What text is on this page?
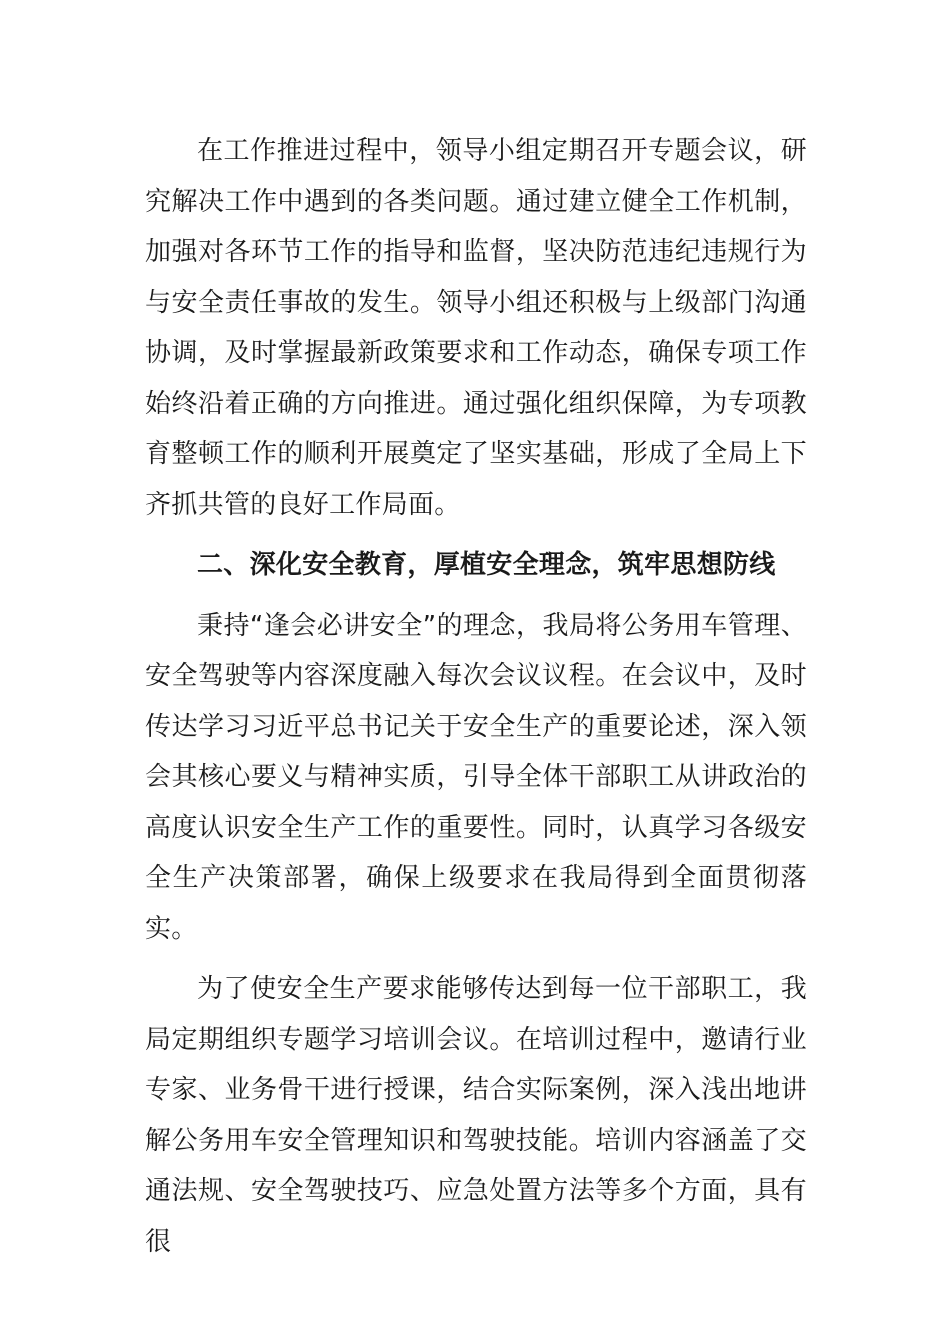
在工作推进过程中，领导小组定期召开专题会议，研究解决工作中遇到的各类问题。通过建立健全工作机制，加强对各环节工作的指导和监督，坚决防范违纪违规行为与安全责任事故的发生。领导小组还积极与上级部门沟通协调，及时掌握最新政策要求和工作动态，确保专项工作始终沿着正确的方向推进。通过强化组织保障，为专项教育整顿工作的顺利开展奠定了坚实基础，形成了全局上下齐抓共管的良好工作局面。

二、深化安全教育，厚植安全理念，筑牢思想防线

秉持“逢会必讲安全”的理念，我局将公务用车管理、安全驾驶等内容深度融入每次会议议程。在会议中，及时传达学习习近平总书记关于安全生产的重要论述，深入领会其核心要义与精神实质，引导全体干部职工从讲政治的高度认识安全生产工作的重要性。同时，认真学习各级安全生产决策部署，确保上级要求在我局得到全面贯彻落实。

为了使安全生产要求能够传达到每一位干部职工，我局定期组织专题学习培训会议。在培训过程中，邀请行业专家、业务骨干进行授课，结合实际案例，深入浅出地讲解公务用车安全管理知识和驾驶技能。培训内容涵盖了交通法规、安全驾驶技巧、应急处置方法等多个方面，具有很
